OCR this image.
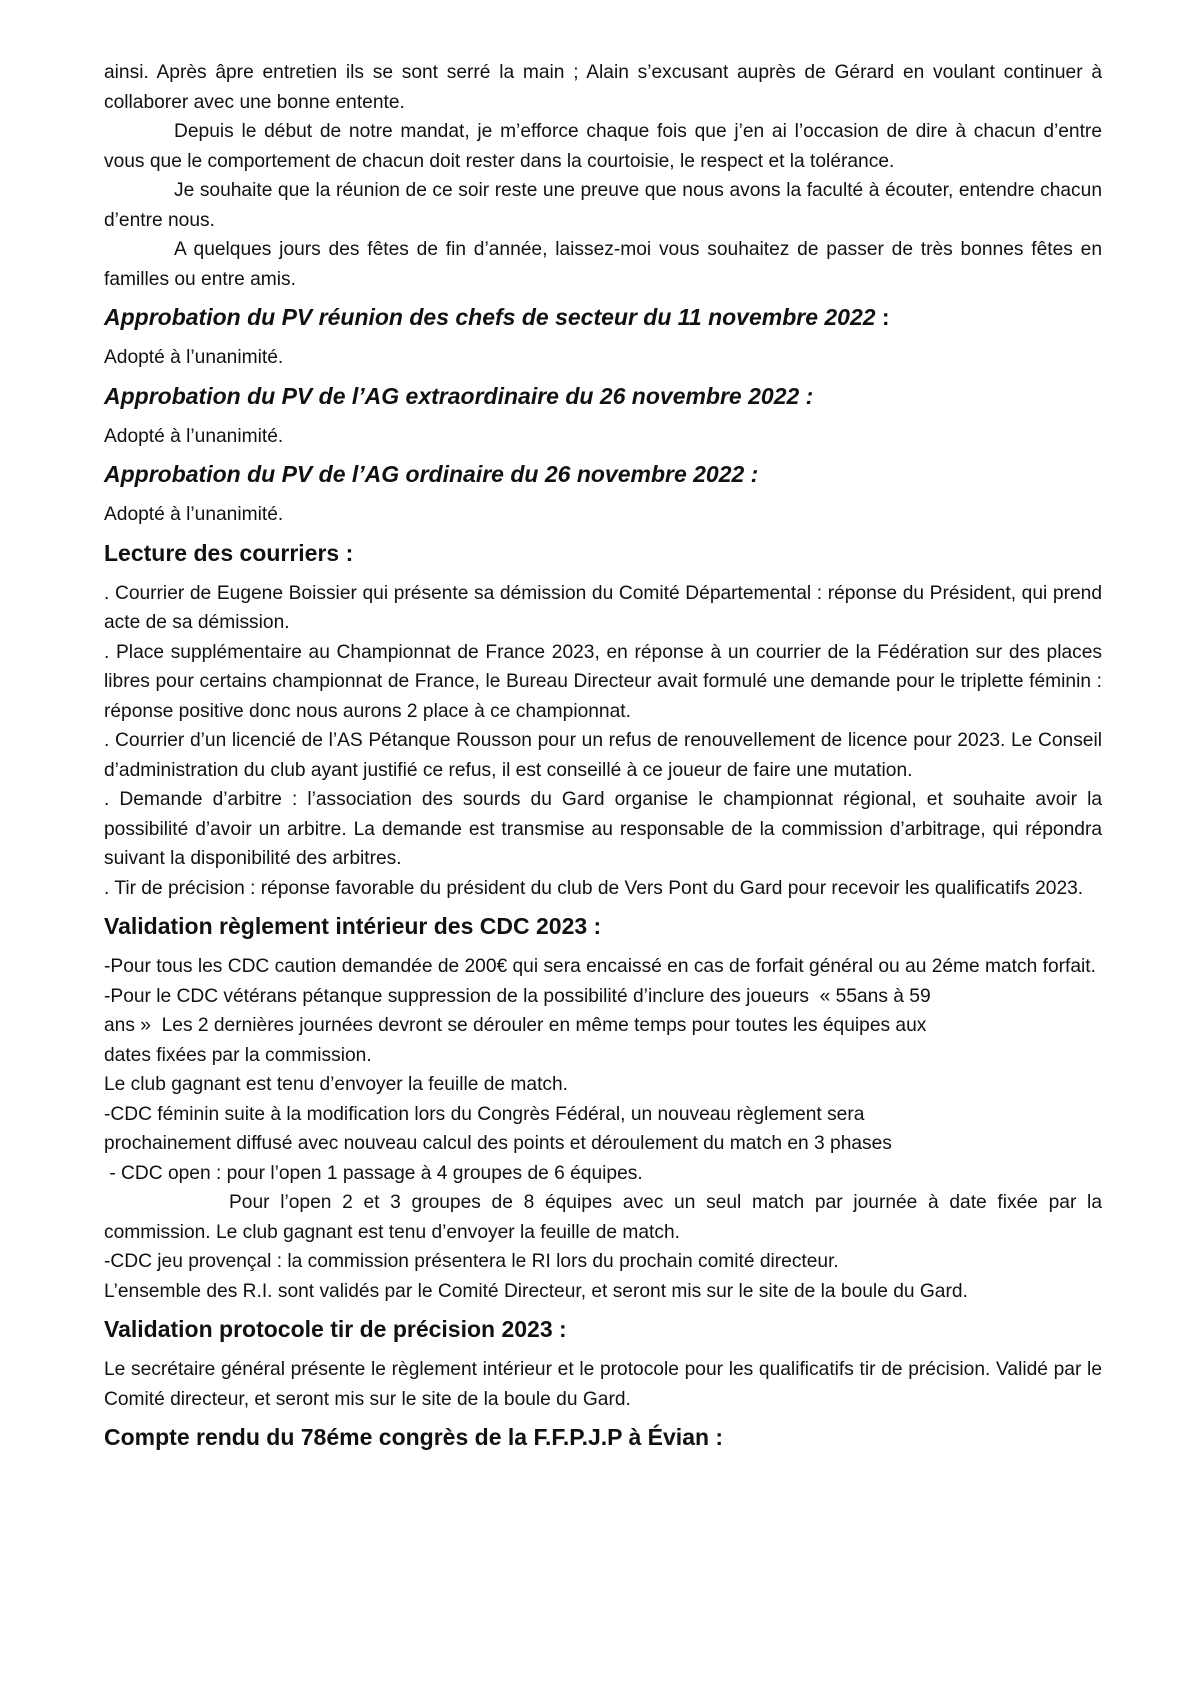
ainsi. Après âpre entretien ils se sont serré la main ; Alain s’excusant auprès de Gérard en voulant continuer à collaborer avec une bonne entente.

Depuis le début de notre mandat, je m’efforce chaque fois que j’en ai l’occasion de dire à chacun d’entre vous que le comportement de chacun doit rester dans la courtoisie, le respect et la tolérance.

Je souhaite que la réunion de ce soir reste une preuve que nous avons la faculté à écouter, entendre chacun d’entre nous.

A quelques jours des fêtes de fin d’année, laissez-moi vous souhaitez de passer de très bonnes fêtes en familles ou entre amis.

Approbation du PV réunion des chefs de secteur du 11 novembre 2022 :

Adopté à l’unanimité.

Approbation du PV de l’AG extraordinaire du 26 novembre 2022 :

Adopté à l’unanimité.

Approbation du PV de l’AG ordinaire du 26 novembre 2022 :

Adopté à l’unanimité.

Lecture des courriers :

. Courrier de Eugene Boissier qui présente sa démission du Comité Départemental : réponse du Président, qui prend acte de sa démission.

. Place supplémentaire au Championnat de France 2023, en réponse à un courrier de la Fédération sur des places libres pour certains championnat de France, le Bureau Directeur avait formulé une demande pour le triplette féminin : réponse positive donc nous aurons 2 place à ce championnat.

. Courrier d’un licencié de l’AS Pétanque Rousson pour un refus de renouvellement de licence pour 2023. Le Conseil d’administration du club ayant justifié ce refus, il est conseillé à ce joueur de faire une mutation.

. Demande d’arbitre : l’association des sourds du Gard organise le championnat régional, et souhaite avoir la possibilité d’avoir un arbitre. La demande est transmise au responsable de la commission d’arbitrage, qui répondra suivant la disponibilité des arbitres.

. Tir de précision : réponse favorable du président du club de Vers Pont du Gard pour recevoir les qualificatifs 2023.

Validation règlement intérieur des CDC 2023 :

-Pour tous les CDC caution demandée de 200€ qui sera encaissé en cas de forfait général ou au 2éme match forfait.

-Pour le CDC vétérans pétanque suppression de la possibilité d’inclure des joueurs  « 55ans à 59

ans »  Les 2 dernières journées devront se dérouler en même temps pour toutes les équipes aux

dates fixées par la commission.

Le club gagnant est tenu d’envoyer la feuille de match.

-CDC féminin suite à la modification lors du Congrès Fédéral, un nouveau règlement sera

prochainement diffusé avec nouveau calcul des points et déroulement du match en 3 phases

- CDC open : pour l’open 1 passage à 4 groupes de 6 équipes.

Pour l’open 2 et 3 groupes de 8 équipes avec un seul match par journée à date fixée par la commission. Le club gagnant est tenu d’envoyer la feuille de match.

-CDC jeu provençal : la commission présentera le RI lors du prochain comité directeur.

L’ensemble des R.I. sont validés par le Comité Directeur, et seront mis sur le site de la boule du Gard.

Validation protocole tir de précision 2023 :

Le secrétaire général présente le règlement intérieur et le protocole pour les qualificatifs tir de précision. Validé par le Comité directeur, et seront mis sur le site de la boule du Gard.

Compte rendu du 78éme congrès de la F.F.P.J.P à Évian :
